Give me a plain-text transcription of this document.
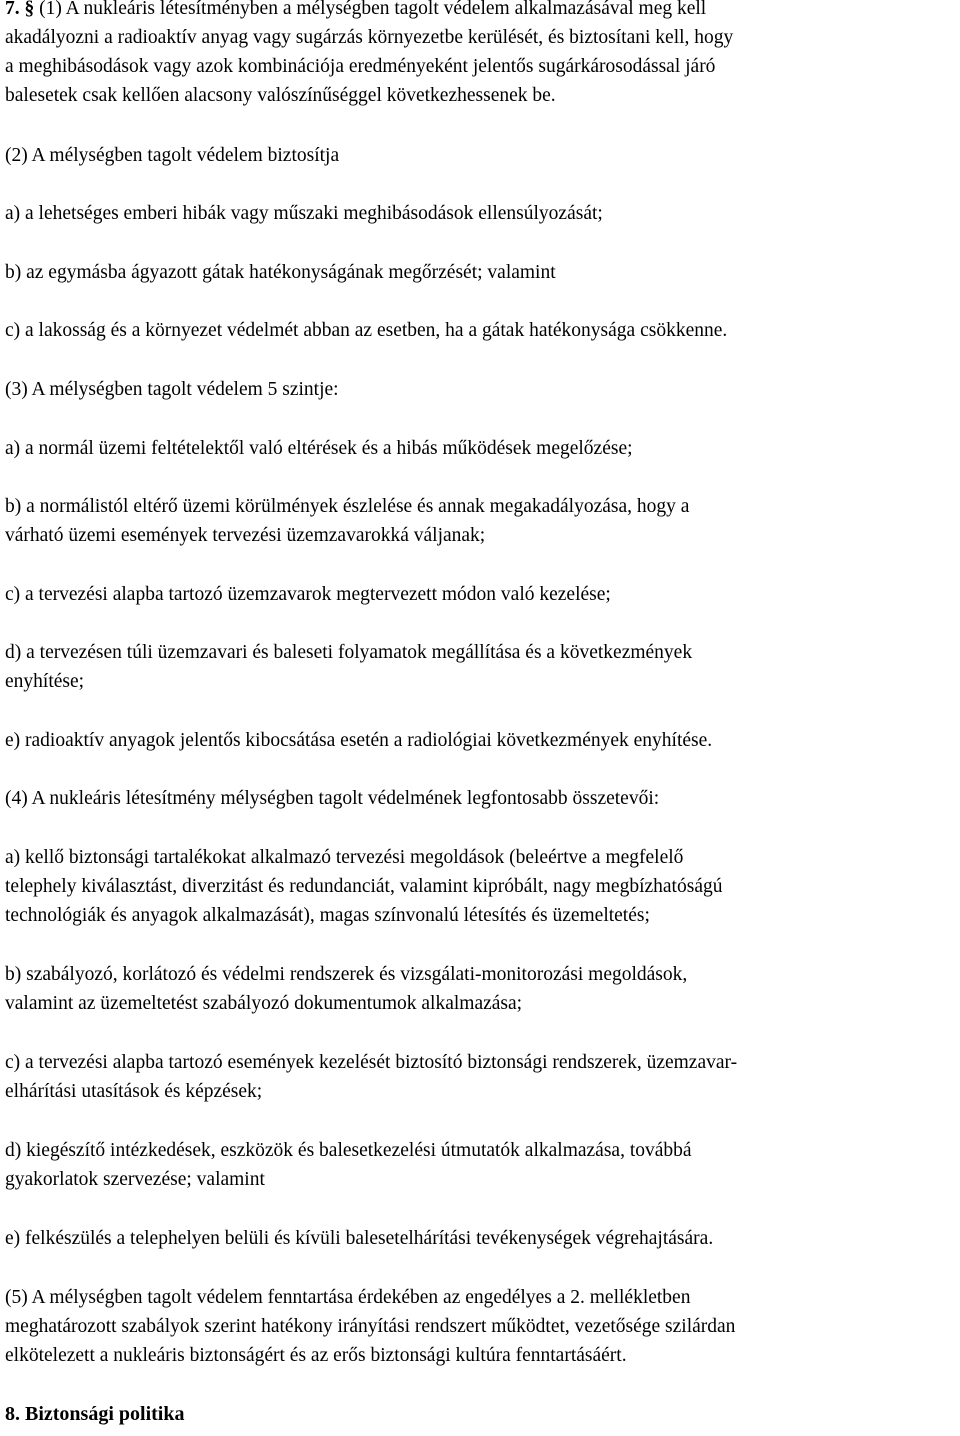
7. § (1) A nukleáris létesítményben a mélységben tagolt védelem alkalmazásával meg kell
akadályozni a radioaktív anyag vagy sugárzás környezetbe kerülését, és biztosítani kell, hogy
a meghibásodások vagy azok kombinációja eredményeként jelentős sugárkárosodással járó
balesetek csak kellően alacsony valószínűséggel következhessenek be.
(2) A mélységben tagolt védelem biztosítja
a) a lehetséges emberi hibák vagy műszaki meghibásodások ellensúlyozását;
b) az egymásba ágyazott gátak hatékonyságának megőrzését; valamint
c) a lakosság és a környezet védelmét abban az esetben, ha a gátak hatékonysága csökkenne.
(3) A mélységben tagolt védelem 5 szintje:
a) a normál üzemi feltételektől való eltérések és a hibás működések megelőzése;
b) a normálistól eltérő üzemi körülmények észlelése és annak megakadályozása, hogy a
várható üzemi események tervezési üzemzavarokká váljanak;
c) a tervezési alapba tartozó üzemzavarok megtervezett módon való kezelése;
d) a tervezésen túli üzemzavari és baleseti folyamatok megállítása és a következmények
enyhítése;
e) radioaktív anyagok jelentős kibocsátása esetén a radiológiai következmények enyhítése.
(4) A nukleáris létesítmény mélységben tagolt védelmének legfontosabb összetevői:
a) kellő biztonsági tartalékokat alkalmazó tervezési megoldások (beleértve a megfelelő
telephely kiválasztást, diverzitást és redundanciát, valamint kipróbált, nagy megbízhatóságú
technológiák és anyagok alkalmazását), magas színvonalú létesítés és üzemeltetés;
b) szabályozó, korlátozó és védelmi rendszerek és vizsgálati-monitorozási megoldások,
valamint az üzemeltetést szabályozó dokumentumok alkalmazása;
c) a tervezési alapba tartozó események kezelését biztosító biztonsági rendszerek, üzemzavar-
elhárítási utasítások és képzések;
d) kiegészítő intézkedések, eszközök és balesetkezelési útmutatók alkalmazása, továbbá
gyakorlatok szervezése; valamint
e) felkészülés a telephelyen belüli és kívüli balesetelhárítási tevékenységek végrehajtására.
(5) A mélységben tagolt védelem fenntartása érdekében az engedélyes a 2. mellékletben
meghatározott szabályok szerint hatékony irányítási rendszert működtet, vezetősége szilárdan
elkötelezett a nukleáris biztonságért és az erős biztonsági kultúra fenntartásáért.
8. Biztonsági politika
